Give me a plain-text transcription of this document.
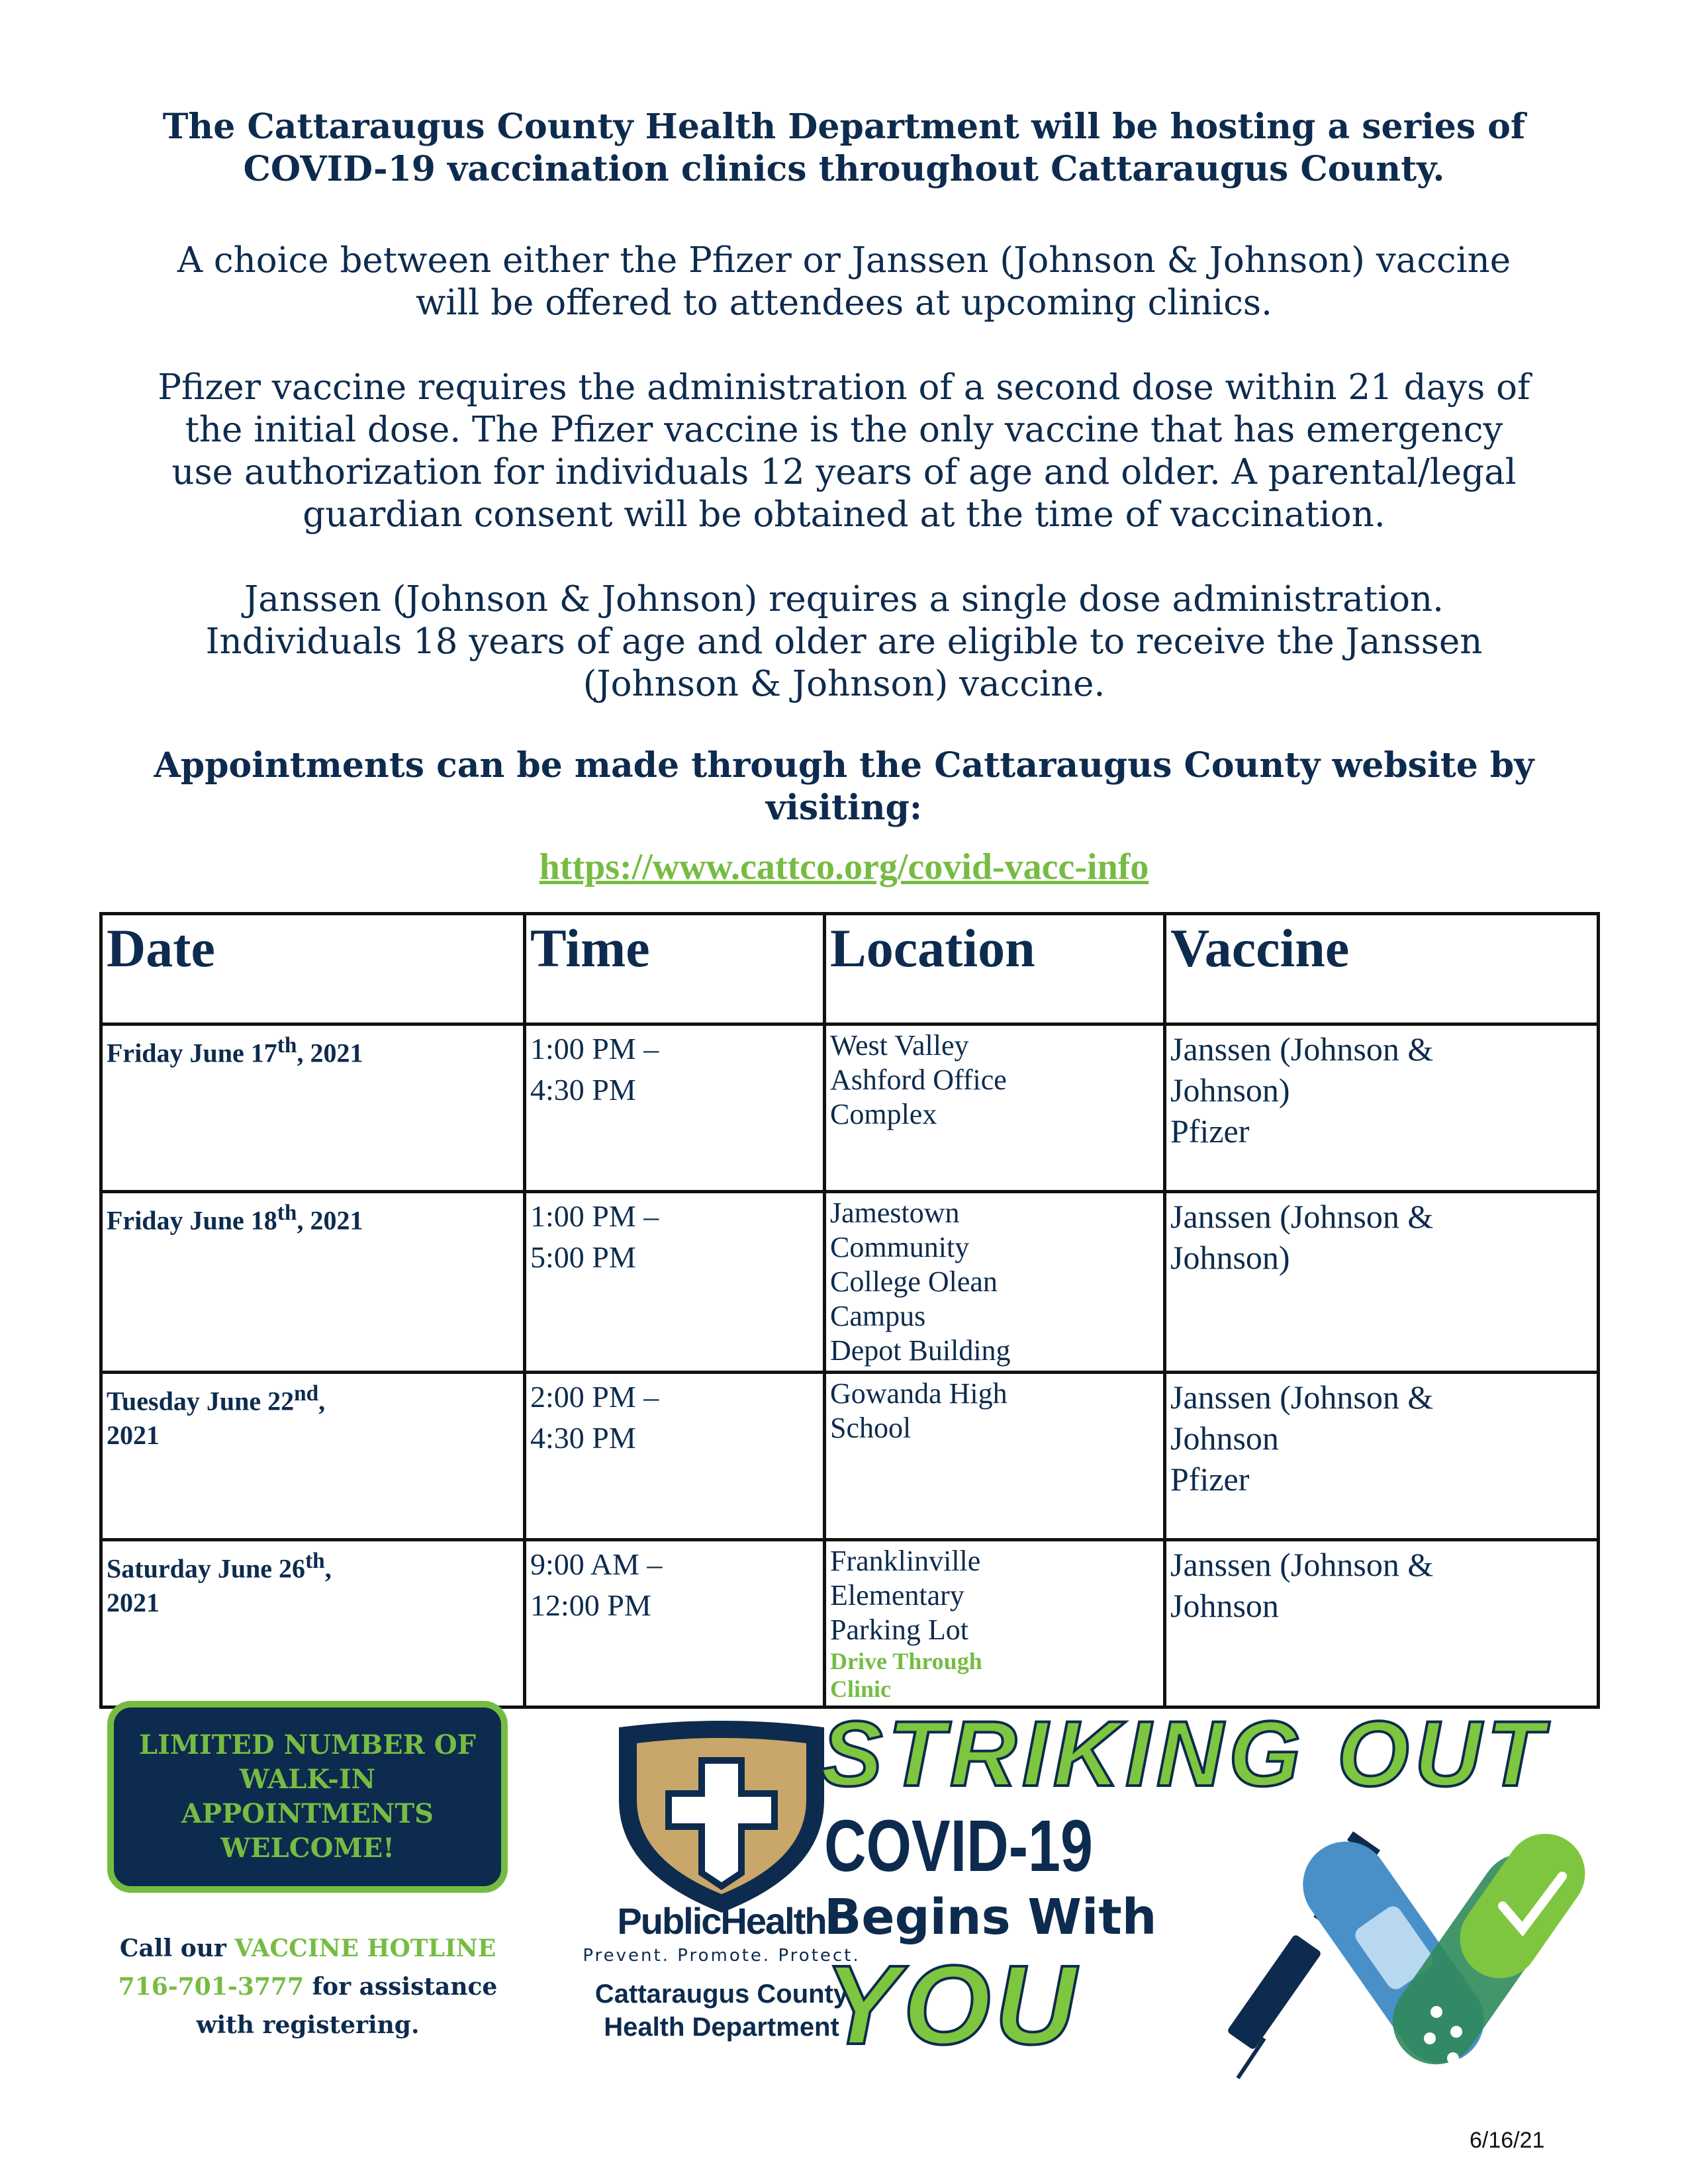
The Cattaraugus County Health Department will be hosting a series of
COVID-19 vaccination clinics throughout Cattaraugus County.

A choice between either the Pfizer or Janssen (Johnson & Johnson) vaccine
will be offered to attendees at upcoming clinics.

Pfizer vaccine requires the administration of a second dose within 21 days of
the initial dose. The Pfizer vaccine is the only vaccine that has emergency
use authorization for individuals 12 years of age and older. A parental/legal
guardian consent will be obtained at the time of vaccination.

Janssen (Johnson & Johnson) requires a single dose administration.
Individuals 18 years of age and older are eligible to receive the Janssen
(Johnson & Johnson) vaccine.

Appointments can be made through the Cattaraugus County website by
visiting:
https://www.cattco.org/covid-vacc-info
Date	Time	Location	Vaccine
Friday June 17th, 2021	1:00 PM –
4:30 PM	West Valley
Ashford Office
Complex	Janssen (Johnson &
Johnson)
Pfizer

Friday June 18th, 2021	1:00 PM –
5:00 PM	Jamestown
Community
College Olean
Campus
Depot Building	Janssen (Johnson &
Johnson)

Tuesday June 22nd,
2021	2:00 PM –
4:30 PM	Gowanda High
School	Janssen (Johnson &
Johnson
Pfizer

Saturday June 26th,
2021	9:00 AM –
12:00 PM	Franklinville
Elementary
Parking Lot
Drive Through
Clinic	Janssen (Johnson &
Johnson
LIMITED NUMBER OF
WALK-IN
APPOINTMENTS
WELCOME!
Call our VACCINE HOTLINE
716-701-3777 for assistance
with registering.
PublicHealth
Prevent. Promote. Protect.
Cattaraugus County
Health Department
STRIKING OUT
COVID-19
Begins With
YOU
6/16/21
